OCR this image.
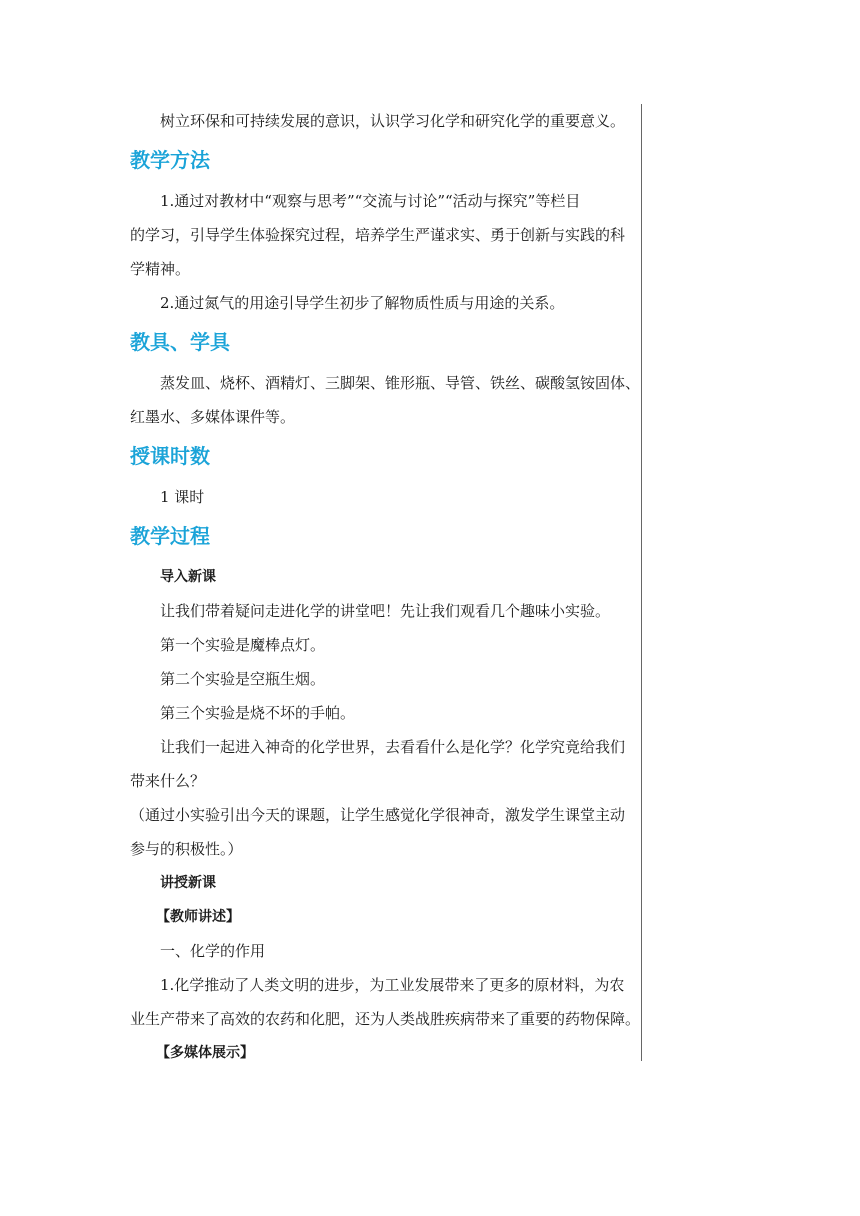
树立环保和可持续发展的意识，认识学习化学和研究化学的重要意义。
教学方法
1.通过对教材中“观察与思考”“交流与讨论”“活动与探究”等栏目
的学习，引导学生体验探究过程，培养学生严谨求实、勇于创新与实践的科
学精神。
2.通过氮气的用途引导学生初步了解物质性质与用途的关系。
教具、学具
蒸发皿、烧杯、酒精灯、三脚架、锥形瓶、导管、铁丝、碳酸氢铵固体、
红墨水、多媒体课件等。
授课时数
1 课时
教学过程
导入新课
让我们带着疑问走进化学的讲堂吧！先让我们观看几个趣味小实验。
第一个实验是魔棒点灯。
第二个实验是空瓶生烟。
第三个实验是烧不坏的手帕。
让我们一起进入神奇的化学世界，去看看什么是化学？化学究竟给我们
带来什么？
（通过小实验引出今天的课题，让学生感觉化学很神奇，激发学生课堂主动
参与的积极性。）
讲授新课
【教师讲述】
一、化学的作用
1.化学推动了人类文明的进步，为工业发展带来了更多的原材料，为农
业生产带来了高效的农药和化肥，还为人类战胜疾病带来了重要的药物保障。
【多媒体展示】
